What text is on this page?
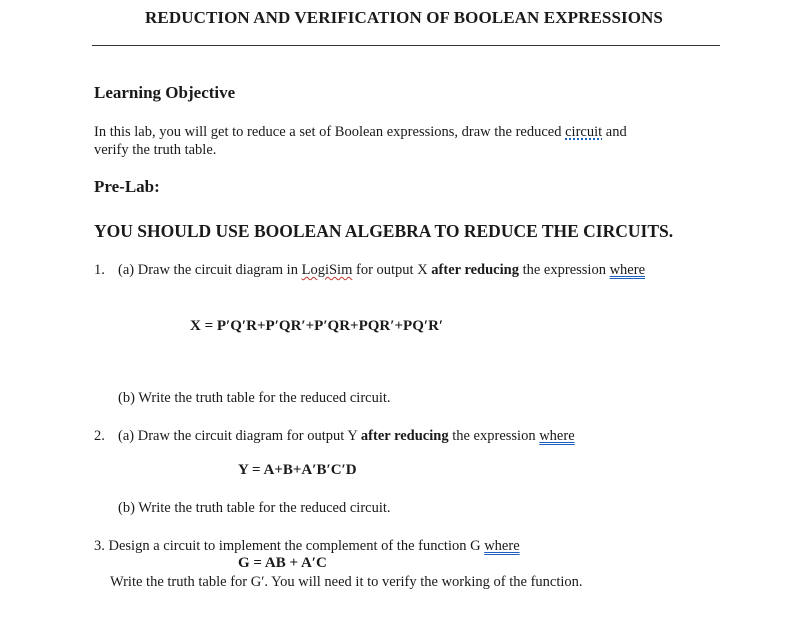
REDUCTION AND VERIFICATION OF BOOLEAN EXPRESSIONS
Learning Objective
In this lab, you will get to reduce a set of Boolean expressions, draw the reduced circuit and
verify the truth table.
Pre-Lab:
YOU SHOULD USE BOOLEAN ALGEBRA TO REDUCE THE CIRCUITS.
1. (a) Draw the circuit diagram in LogiSim for output X after reducing the expression where
X = P′Q′R+P′QR′+P′QR+PQR′+PQ′R′
(b) Write the truth table for the reduced circuit.
2. (a) Draw the circuit diagram for output Y after reducing the expression where
Y = A+B+A′B′C′D
(b) Write the truth table for the reduced circuit.
3. Design a circuit to implement the complement of the function G where
G = AB + A′C
Write the truth table for G′. You will need it to verify the working of the function.
